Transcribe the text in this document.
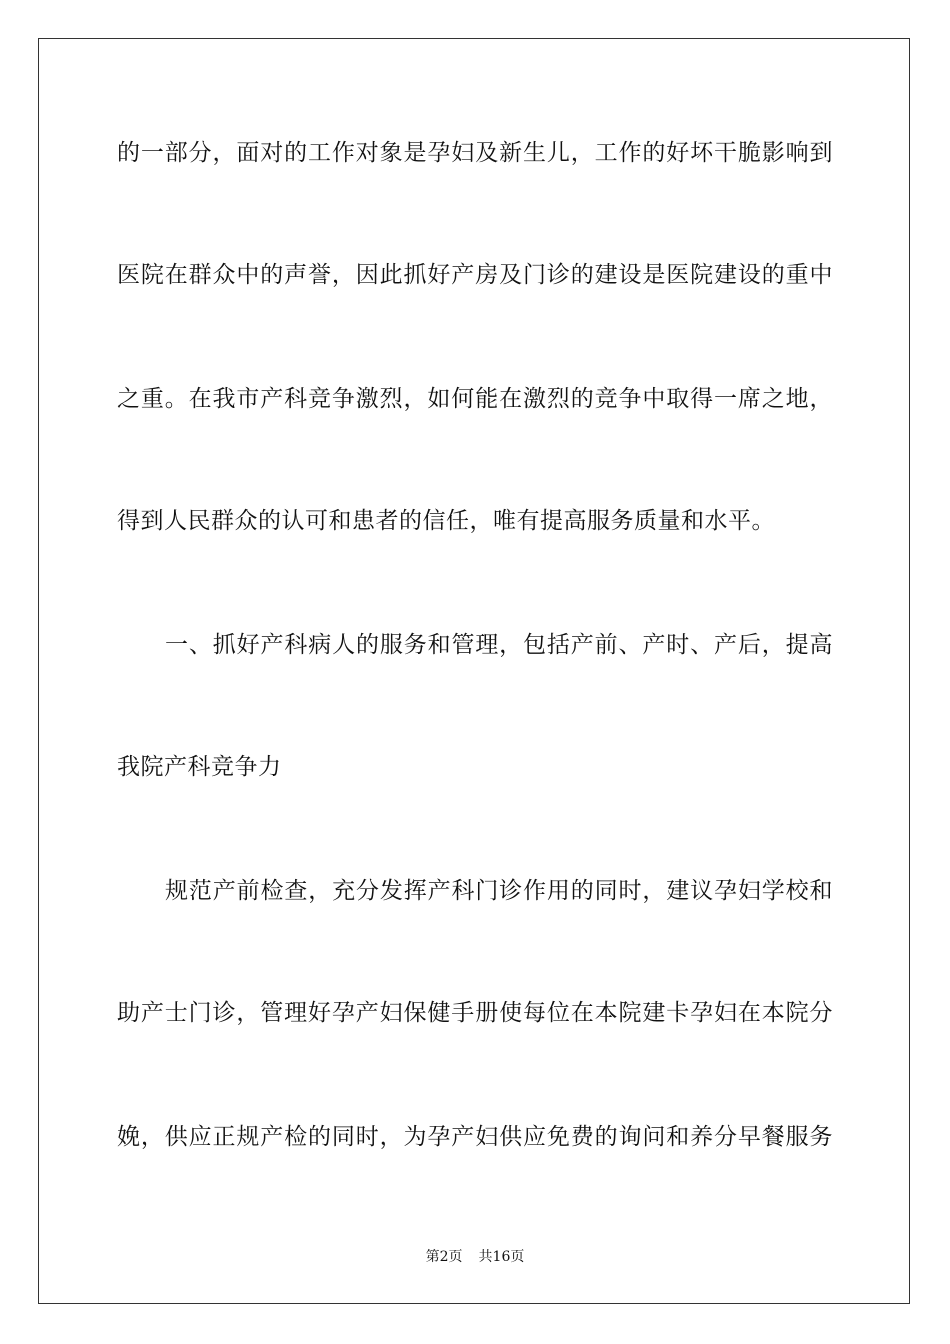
的一部分，面对的工作对象是孕妇及新生儿，工作的好坏干脆影响到
医院在群众中的声誉，因此抓好产房及门诊的建设是医院建设的重中
之重。在我市产科竞争激烈，如何能在激烈的竞争中取得一席之地，
得到人民群众的认可和患者的信任，唯有提高服务质量和水平。
一、抓好产科病人的服务和管理，包括产前、产时、产后，提高
我院产科竞争力
规范产前检查，充分发挥产科门诊作用的同时，建议孕妇学校和
助产士门诊，管理好孕产妇保健手册使每位在本院建卡孕妇在本院分
娩，供应正规产检的同时，为孕产妇供应免费的询问和养分早餐服务
第2页 共16页
